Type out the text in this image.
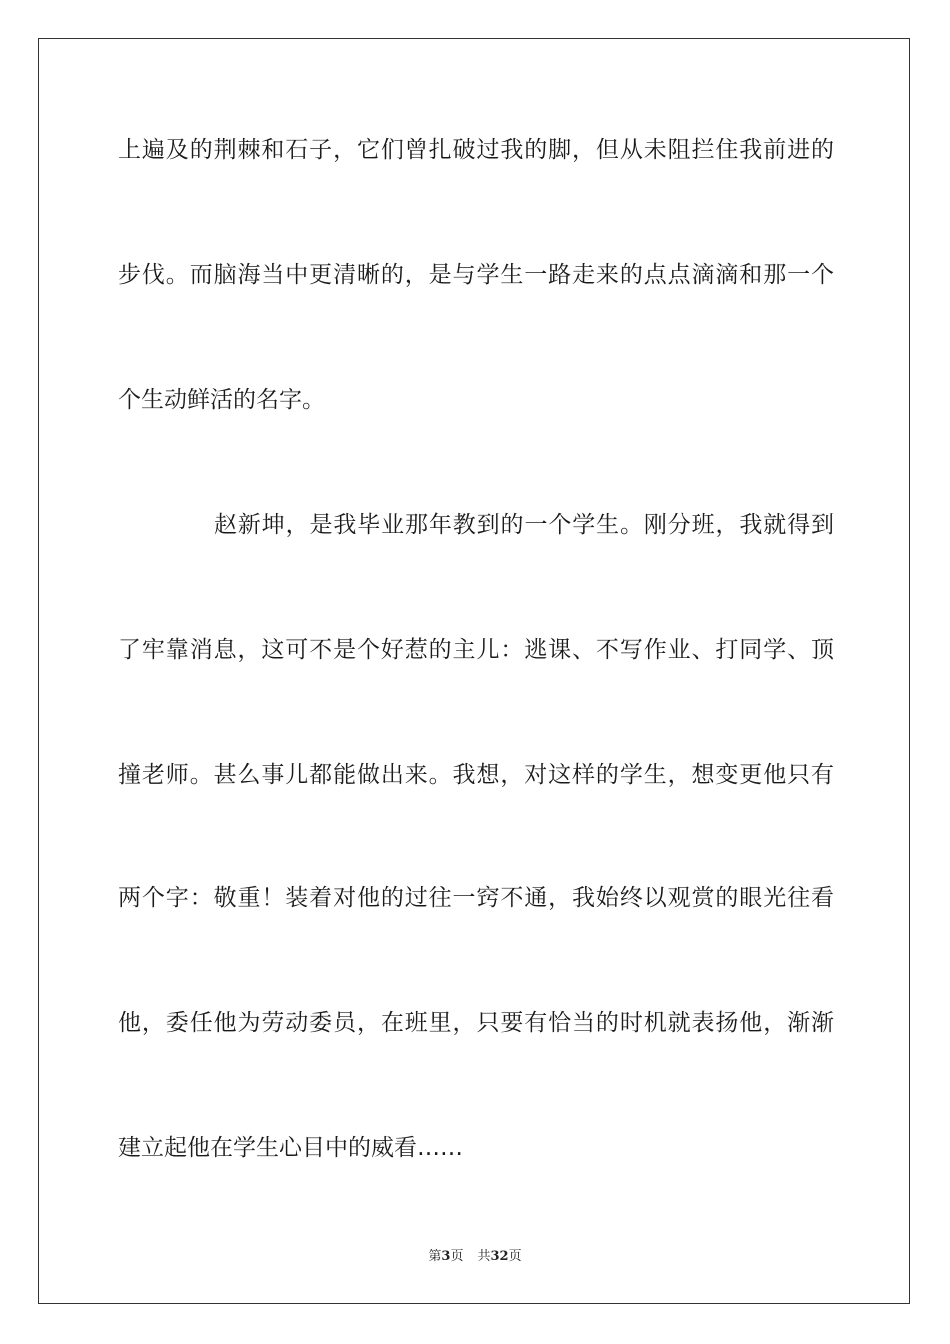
上遍及的荆棘和石子，它们曾扎破过我的脚，但从未阻拦住我前进的
步伐。而脑海当中更清晰的，是与学生一路走来的点点滴滴和那一个
个生动鲜活的名字。
赵新坤，是我毕业那年教到的一个学生。刚分班，我就得到
了牢靠消息，这可不是个好惹的主儿：逃课、不写作业、打同学、顶
撞老师。甚么事儿都能做出来。我想，对这样的学生，想变更他只有
两个字：敬重！装着对他的过往一窍不通，我始终以观赏的眼光往看
他，委任他为劳动委员，在班里，只要有恰当的时机就表扬他，渐渐
建立起他在学生心目中的威看……
第3页 共32页
